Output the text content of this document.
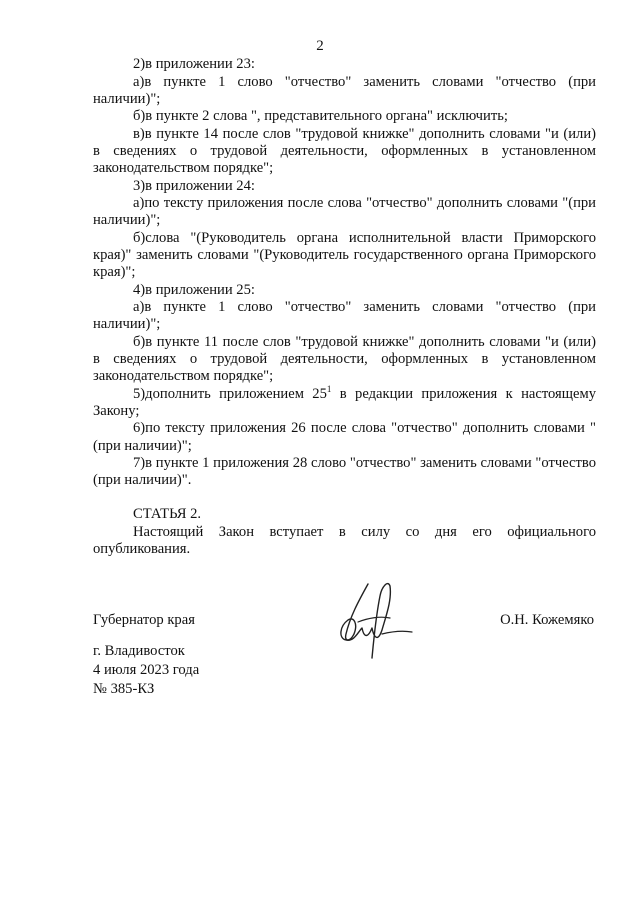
2

2)в приложении 23:

а)в пункте 1 слово "отчество" заменить словами "отчество (при наличии)";

б)в пункте 2 слова ", представительного органа" исключить;

в)в пункте 14 после слов "трудовой книжке" дополнить словами "и (или) в сведениях о трудовой деятельности, оформленных в установленном законодательством порядке";

3)в приложении 24:

а)по тексту приложения после слова "отчество" дополнить словами "(при наличии)";

б)слова "(Руководитель органа исполнительной власти Приморского края)" заменить словами "(Руководитель государственного органа Приморского края)";

4)в приложении 25:

а)в пункте 1 слово "отчество" заменить словами "отчество (при наличии)";

б)в пункте 11 после слов "трудовой книжке" дополнить словами "и (или) в сведениях о трудовой деятельности, оформленных в установленном законодательством порядке";

5)дополнить приложением $25^1$ в редакции приложения к настоящему Закону;

6)по тексту приложения 26 после слова "отчество" дополнить словами "(при наличии)";

7)в пункте 1 приложения 28 слово "отчество" заменить словами "отчество (при наличии)".

СТАТЬЯ 2.

Настоящий Закон вступает в силу со дня его официального опубликования.

Губернатор края	О.Н. Кожемяко
г. Владивосток
4 июля 2023 года
№ 385-КЗ
